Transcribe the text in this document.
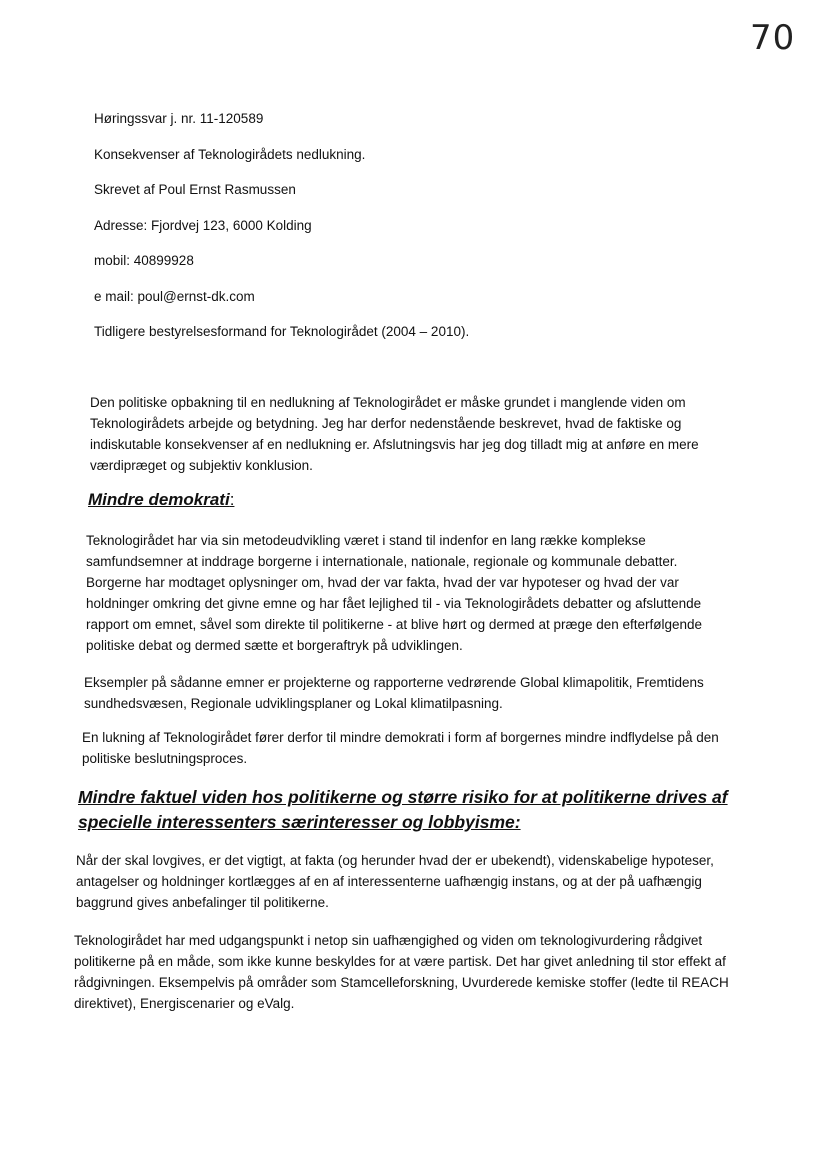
70
Høringssvar j. nr. 11-120589
Konsekvenser af Teknologirådets nedlukning.
Skrevet af Poul Ernst Rasmussen
Adresse: Fjordvej 123, 6000 Kolding
mobil: 40899928
e mail: poul@ernst-dk.com
Tidligere bestyrelsesformand for Teknologirådet (2004 – 2010).

Den politiske opbakning til en nedlukning af Teknologirådet er måske grundet i manglende viden om Teknologirådets arbejde og betydning. Jeg har derfor nedenstående beskrevet, hvad de faktiske og indiskutable konsekvenser af en nedlukning er. Afslutningsvis har jeg dog tilladt mig at anføre en mere værdipræget og subjektiv konklusion.

Mindre demokrati:

Teknologirådet har via sin metodeudvikling været i stand til indenfor en lang række komplekse samfundsemner at inddrage borgerne i internationale, nationale, regionale og kommunale debatter. Borgerne har modtaget oplysninger om, hvad der var fakta, hvad der var hypoteser og hvad der var holdninger omkring det givne emne og har fået lejlighed til - via Teknologirådets debatter og afsluttende rapport om emnet, såvel som direkte til politikerne - at blive hørt og dermed at præge den efterfølgende politiske debat og dermed sætte et borgeraftryk på udviklingen.

Eksempler på sådanne emner er projekterne og rapporterne vedrørende Global klimapolitik, Fremtidens sundhedsvæsen, Regionale udviklingsplaner og Lokal klimatilpasning.

En lukning af Teknologirådet fører derfor til mindre demokrati i form af borgernes mindre indflydelse på den politiske beslutningsproces.

Mindre faktuel viden hos politikerne og større risiko for at politikerne drives af specielle interessenters særinteresser og lobbyisme:

Når der skal lovgives, er det vigtigt, at fakta (og herunder hvad der er ubekendt), videnskabelige hypoteser, antagelser og holdninger kortlægges af en af interessenterne uafhængig instans, og at der på uafhængig baggrund gives anbefalinger til politikerne.

Teknologirådet har med udgangspunkt i netop sin uafhængighed og viden om teknologivurdering rådgivet politikerne på en måde, som ikke kunne beskyldes for at være partisk. Det har givet anledning til stor effekt af rådgivningen. Eksempelvis på områder som Stamcelleforskning, Uvurderede kemiske stoffer (ledte til REACH direktivet), Energiscenarier og eValg.
